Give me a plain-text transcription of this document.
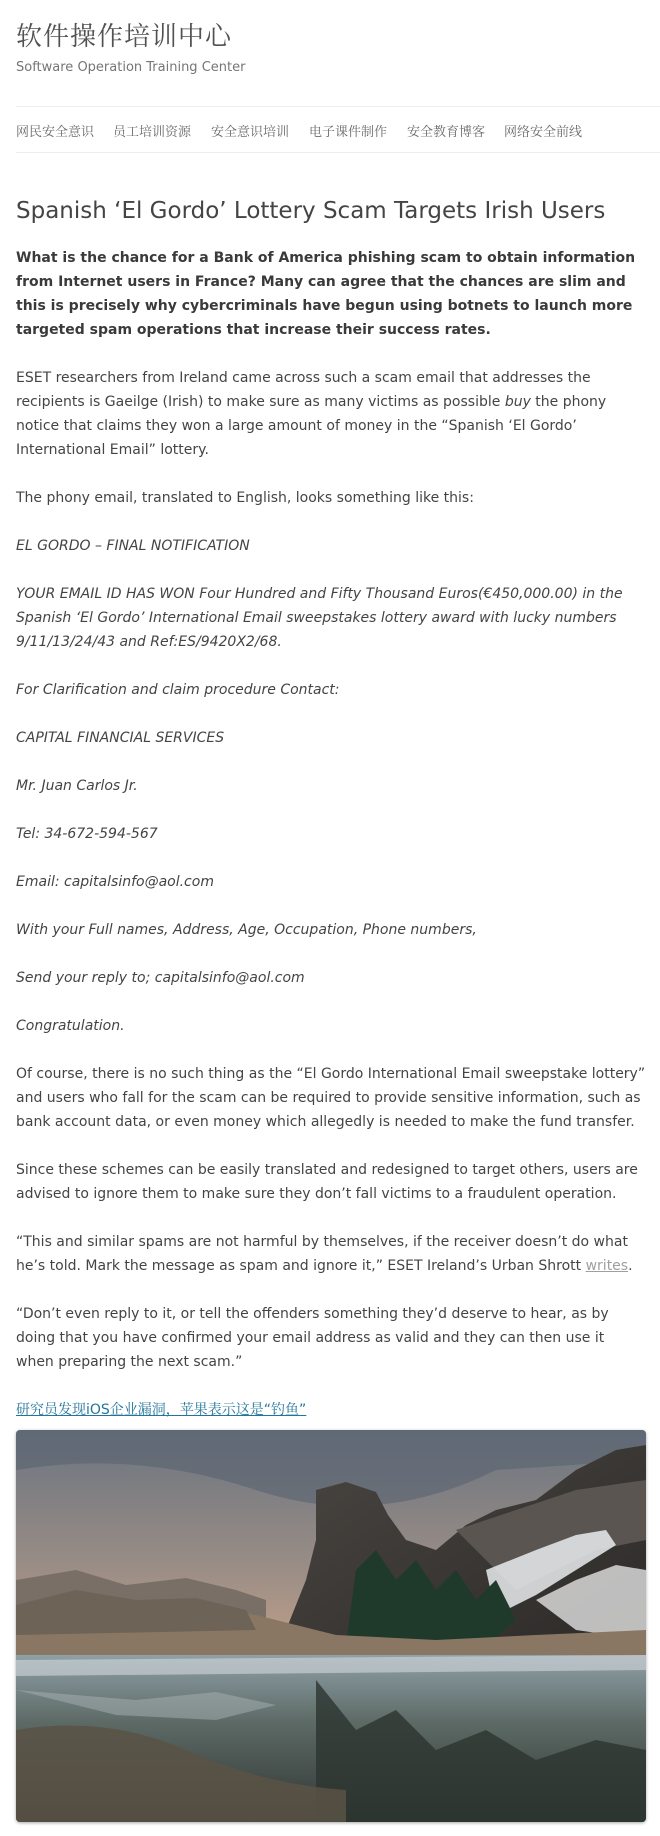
软件操作培训中心
Software Operation Training Center
网民安全意识 员工培训资源 安全意识培训 电子课件制作 安全教育博客 网络安全前线
Spanish ‘El Gordo’ Lottery Scam Targets Irish Users

What is the chance for a Bank of America phishing scam to obtain information from Internet users in France? Many can agree that the chances are slim and this is precisely why cybercriminals have begun using botnets to launch more targeted spam operations that increase their success rates.

ESET researchers from Ireland came across such a scam email that addresses the recipients is Gaeilge (Irish) to make sure as many victims as possible buy the phony notice that claims they won a large amount of money in the “Spanish ‘El Gordo’ International Email” lottery.

The phony email, translated to English, looks something like this:

EL GORDO – FINAL NOTIFICATION

YOUR EMAIL ID HAS WON Four Hundred and Fifty Thousand Euros(€450,000.00) in the Spanish ‘El Gordo’ International Email sweepstakes lottery award with lucky numbers 9/11/13/24/43 and Ref:ES/9420X2/68.

For Clarification and claim procedure Contact:

CAPITAL FINANCIAL SERVICES

Mr. Juan Carlos Jr.

Tel: 34-672-594-567

Email: capitalsinfo@aol.com

With your Full names, Address, Age, Occupation, Phone numbers,

Send your reply to; capitalsinfo@aol.com

Congratulation.

Of course, there is no such thing as the “El Gordo International Email sweepstake lottery” and users who fall for the scam can be required to provide sensitive information, such as bank account data, or even money which allegedly is needed to make the fund transfer.

Since these schemes can be easily translated and redesigned to target others, users are advised to ignore them to make sure they don’t fall victims to a fraudulent operation.

“This and similar spams are not harmful by themselves, if the receiver doesn’t do what he’s told. Mark the message as spam and ignore it,” ESET Ireland’s Urban Shrott writes.

“Don’t even reply to it, or tell the offenders something they’d deserve to hear, as by doing that you have confirmed your email address as valid and they can then use it when preparing the next scam.”

研究员发现iOS企业漏洞，苹果表示这是“钓鱼”
